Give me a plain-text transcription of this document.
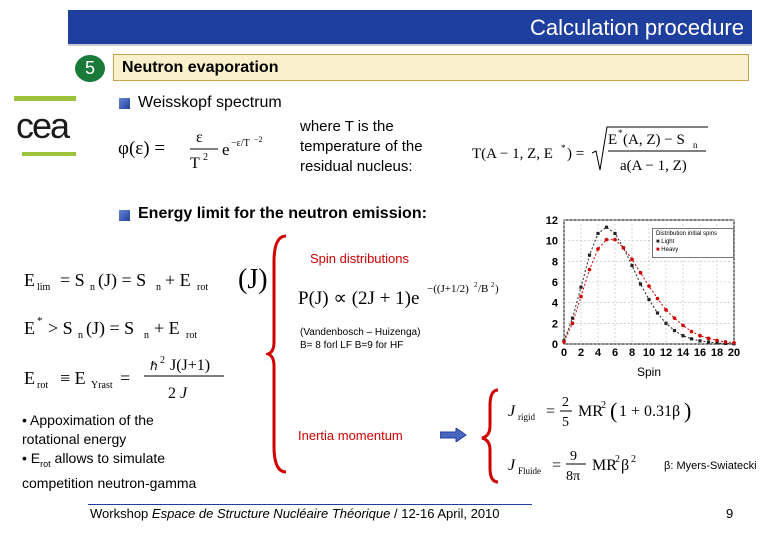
Calculation procedure
5	Neutron evaporation
cea
Weisskopf spectrum
φ(ε) =
ε
T 2 e −ε/T −2
where T is the
temperature of the
residual nucleus:
T(A − 1, Z, E * ) =
E * (A, Z) − S n
a(A − 1, Z)
Energy limit for the neutron emission:
E lim = S n (J) = S n + E rot (J)
E * > S n (J) = S n + E rot
E rot ≡ E Yrast =
ℏ 2 J(J+1)
2 J
Spin distributions
P(J) ∝ (2J + 1)e −((J+1/2) 2 /B 2 )
(Vandenbosch – Huizenga)
B= 8 forl LF B=9 for HF
0 2 4 6 8 10 12 14 16 18 20
0
2
4
6
8
10
12
Spin
Distribution initial spins
■ Light
■ Heavy
• Appoximation of the
rotational energy
• $E_{rot}$ allows to simulate
competition neutron-gamma
Inertia momentum
J rigid =
2
5
MR
2 ( 1 + 0.31β )
J Fluide =
9
8π
MR
2 β 2
β: Myers-Swiatecki
Workshop Espace de Structure Nucléaire Théorique / 12-16 April, 2010	9
